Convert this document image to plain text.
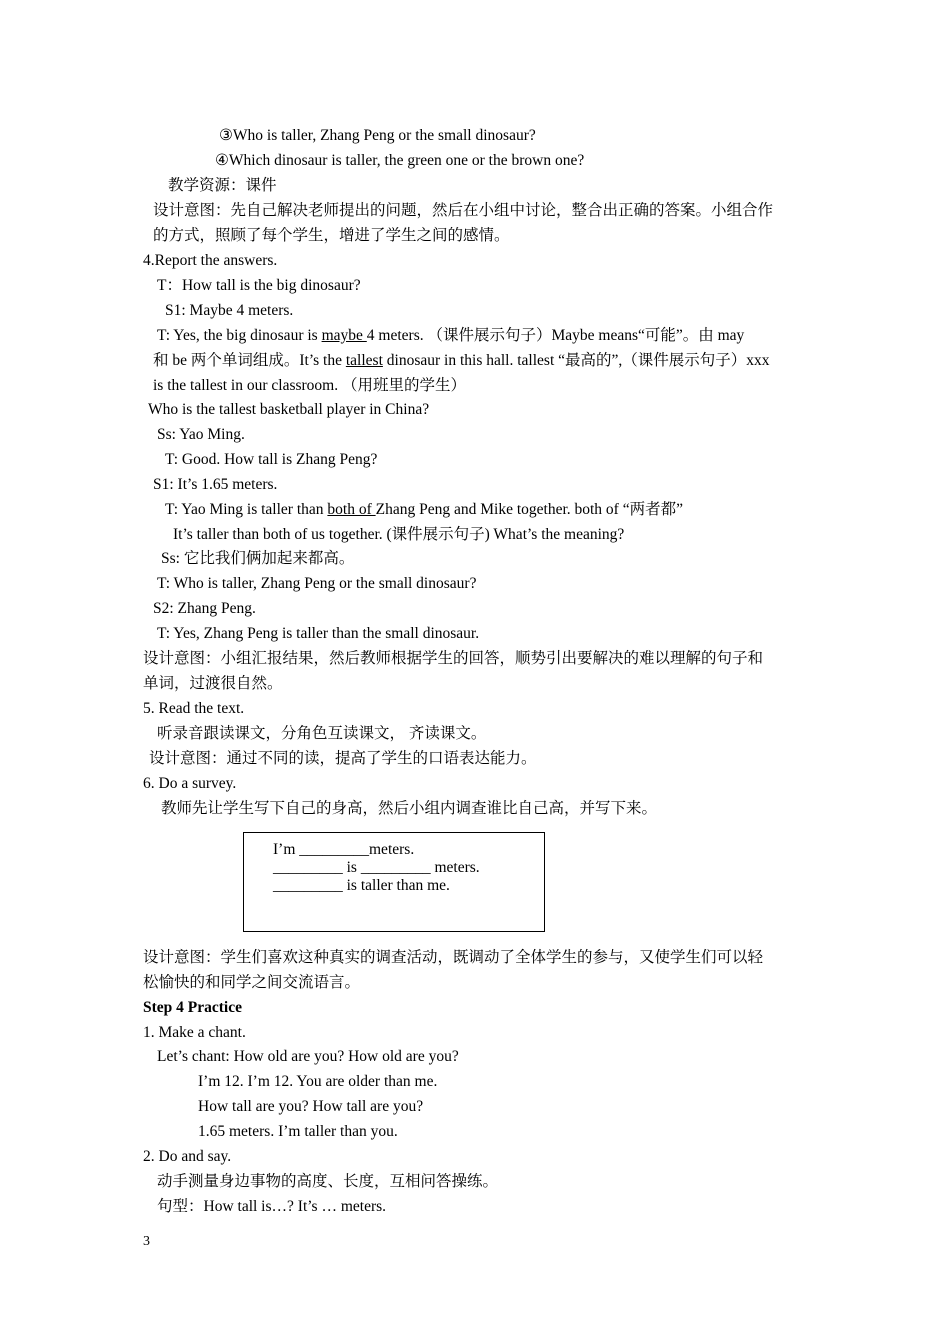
③Who is taller, Zhang Peng or the small dinosaur?
④Which dinosaur is taller, the green one or the brown one?
教学资源：课件
设计意图：先自己解决老师提出的问题，然后在小组中讨论，整合出正确的答案。小组合作
的方式，照顾了每个学生，增进了学生之间的感情。
4.Report the answers.
T：How tall is the big dinosaur?
S1: Maybe 4 meters.
T: Yes, the big dinosaur is maybe 4 meters. （课件展示句子）Maybe means“可能”。由 may
和 be 两个单词组成。It’s the tallest dinosaur in this hall. tallest “最高的”,（课件展示句子）xxx
is the tallest in our classroom. （用班里的学生）
Who is the tallest basketball player in China?
Ss: Yao Ming.
T: Good. How tall is Zhang Peng?
S1: It’s 1.65 meters.
T: Yao Ming is taller than both of Zhang Peng and Mike together. both of “两者都”
It’s taller than both of us together. (课件展示句子) What’s the meaning?
Ss: 它比我们俩加起来都高。
T: Who is taller, Zhang Peng or the small dinosaur?
S2: Zhang Peng.
T: Yes, Zhang Peng is taller than the small dinosaur.
设计意图：小组汇报结果，然后教师根据学生的回答，顺势引出要解决的难以理解的句子和
单词，过渡很自然。
5. Read the text.
听录音跟读课文，分角色互读课文， 齐读课文。
设计意图：通过不同的读，提高了学生的口语表达能力。
6. Do a survey.
教师先让学生写下自己的身高，然后小组内调查谁比自己高，并写下来。
I’m _________meters.
_________ is _________ meters.
_________ is taller than me.
设计意图：学生们喜欢这种真实的调查活动，既调动了全体学生的参与，又使学生们可以轻
松愉快的和同学之间交流语言。
Step 4 Practice
1. Make a chant.
Let’s chant: How old are you? How old are you?
I’m 12. I’m 12. You are older than me.
How tall are you? How tall are you?
1.65 meters. I’m taller than you.
2. Do and say.
动手测量身边事物的高度、长度，互相问答操练。
句型：How tall is…? It’s … meters.
3
